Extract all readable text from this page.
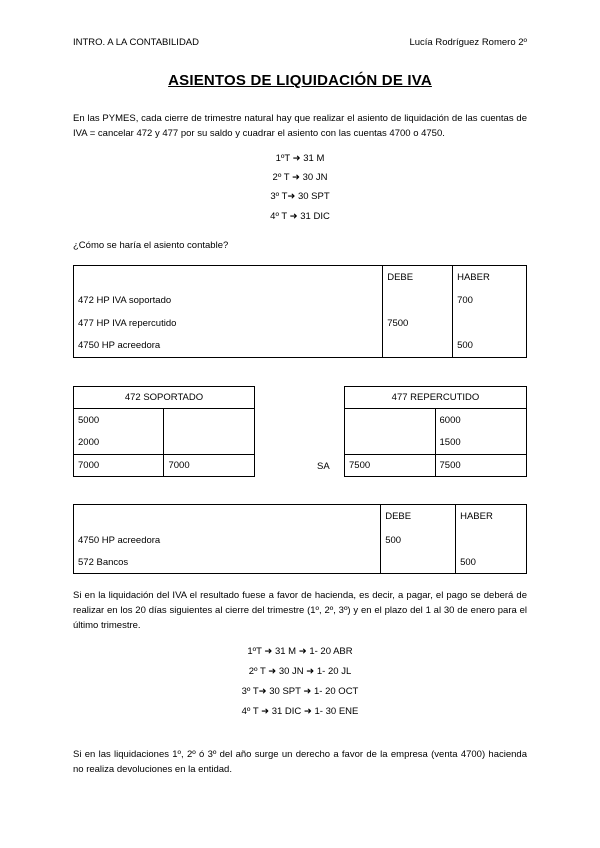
INTRO. A LA CONTABILIDAD	Lucía Rodríguez Romero 2º
ASIENTOS DE LIQUIDACIÓN DE IVA
En las PYMES, cada cierre de trimestre natural hay que realizar el asiento de liquidación de las cuentas de IVA = cancelar 472 y 477 por su saldo y cuadrar el asiento con las cuentas 4700 o 4750.
1ºT ➜ 31 M
2º T ➜ 30 JN
3º T➜ 30 SPT
4º T ➜ 31 DIC
¿Cómo se haría el asiento contable?
	DEBE	HABER
472 HP IVA soportado		700
477 HP IVA repercutido	7500	
4750 HP acreedora		500
472 SOPORTADO	
5000	
2000	
7000	7000	SA
477 REPERCUTIDO	
	6000
	1500
7500	7500
	DEBE	HABER
4750 HP acreedora	500	
572 Bancos		500
Si en la liquidación del IVA el resultado fuese a favor de hacienda, es decir, a pagar, el pago se deberá de realizar en los 20 días siguientes al cierre del trimestre (1º, 2º, 3º) y en el plazo del 1 al 30 de enero para el último trimestre.
1ºT ➜ 31 M ➜ 1- 20 ABR
2º T ➜ 30 JN ➜ 1- 20 JL
3º T➜ 30 SPT ➜ 1- 20 OCT
4º T ➜ 31 DIC ➜ 1- 30 ENE
Si en las liquidaciones 1º, 2º ó 3º del año surge un derecho a favor de la empresa (venta 4700) hacienda no realiza devoluciones en la entidad.
